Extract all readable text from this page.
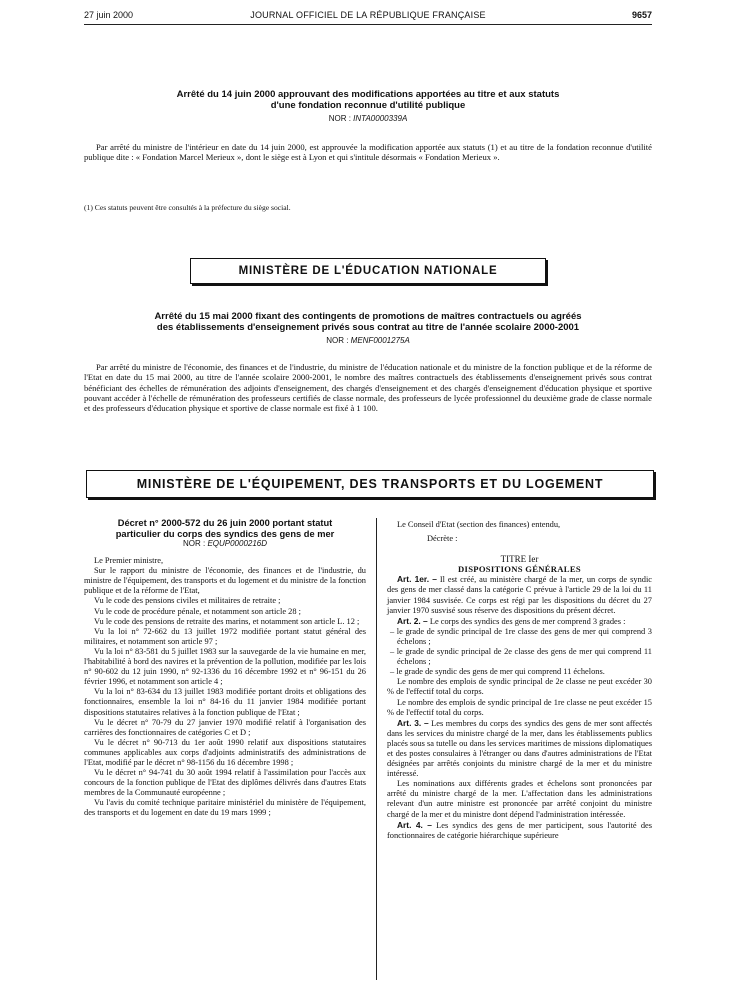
27 juin 2000	JOURNAL OFFICIEL DE LA RÉPUBLIQUE FRANÇAISE	9657
Arrêté du 14 juin 2000 approuvant des modifications apportées au titre et aux statuts
d'une fondation reconnue d'utilité publique
NOR : INTA0000339A

Par arrêté du ministre de l'intérieur en date du 14 juin 2000, est approuvée la modification apportée aux statuts (1) et au titre de la fondation reconnue d'utilité publique dite : « Fondation Marcel Merieux », dont le siège est à Lyon et qui s'intitule désormais « Fondation Merieux ».

(1) Ces statuts peuvent être consultés à la préfecture du siège social.

MINISTÈRE DE L'ÉDUCATION NATIONALE
Arrêté du 15 mai 2000 fixant des contingents de promotions de maîtres contractuels ou agréés
des établissements d'enseignement privés sous contrat au titre de l'année scolaire 2000-2001
NOR : MENF0001275A

Par arrêté du ministre de l'économie, des finances et de l'industrie, du ministre de l'éducation nationale et du ministre de la fonction publique et de la réforme de l'Etat en date du 15 mai 2000, au titre de l'année scolaire 2000-2001, le nombre des maîtres contractuels des établissements d'enseignement privés sous contrat bénéficiant des échelles de rémunération des adjoints d'enseignement, des chargés d'enseignement et des chargés d'enseignement d'éducation physique et sportive pouvant accéder à l'échelle de rémunération des professeurs certifiés de classe normale, des professeurs de lycée professionnel du deuxième grade de classe normale et des professeurs d'éducation physique et sportive de classe normale est fixé à 1 100.

MINISTÈRE DE L'ÉQUIPEMENT, DES TRANSPORTS ET DU LOGEMENT
Décret n° 2000-572 du 26 juin 2000 portant statut
particulier du corps des syndics des gens de mer
NOR : EQUP0000216D

Le Premier ministre,

Sur le rapport du ministre de l'économie, des finances et de l'industrie, du ministre de l'équipement, des transports et du logement et du ministre de la fonction publique et de la réforme de l'Etat,

Vu le code des pensions civiles et militaires de retraite ;

Vu le code de procédure pénale, et notamment son article 28 ;

Vu le code des pensions de retraite des marins, et notamment son article L. 12 ;

Vu la loi n° 72-662 du 13 juillet 1972 modifiée portant statut général des militaires, et notamment son article 97 ;

Vu la loi n° 83-581 du 5 juillet 1983 sur la sauvegarde de la vie humaine en mer, l'habitabilité à bord des navires et la prévention de la pollution, modifiée par les lois n° 90-602 du 12 juin 1990, n° 92-1336 du 16 décembre 1992 et n° 96-151 du 26 février 1996, et notamment son article 4 ;

Vu la loi n° 83-634 du 13 juillet 1983 modifiée portant droits et obligations des fonctionnaires, ensemble la loi n° 84-16 du 11 janvier 1984 modifiée portant dispositions statutaires relatives à la fonction publique de l'Etat ;

Vu le décret n° 70-79 du 27 janvier 1970 modifié relatif à l'organisation des carrières des fonctionnaires de catégories C et D ;

Vu le décret n° 90-713 du 1er août 1990 relatif aux dispositions statutaires communes applicables aux corps d'adjoints administratifs des administrations de l'Etat, modifié par le décret n° 98-1156 du 16 décembre 1998 ;

Vu le décret n° 94-741 du 30 août 1994 relatif à l'assimilation pour l'accès aux concours de la fonction publique de l'Etat des diplômes délivrés dans d'autres Etats membres de la Communauté européenne ;

Vu l'avis du comité technique paritaire ministériel du ministère de l'équipement, des transports et du logement en date du 19 mars 1999 ;

Le Conseil d'Etat (section des finances) entendu,

Décrète :

TITRE Ier

DISPOSITIONS GÉNÉRALES

Art. 1er. – Il est créé, au ministère chargé de la mer, un corps de syndic des gens de mer classé dans la catégorie C prévue à l'article 29 de la loi du 11 janvier 1984 susvisée. Ce corps est régi par les dispositions du décret du 27 janvier 1970 susvisé sous réserve des dispositions du présent décret.

Art. 2. – Le corps des syndics des gens de mer comprend 3 grades :

– le grade de syndic principal de 1re classe des gens de mer qui comprend 3 échelons ;

– le grade de syndic principal de 2e classe des gens de mer qui comprend 11 échelons ;

– le grade de syndic des gens de mer qui comprend 11 échelons.

Le nombre des emplois de syndic principal de 2e classe ne peut excéder 30 % de l'effectif total du corps.

Le nombre des emplois de syndic principal de 1re classe ne peut excéder 15 % de l'effectif total du corps.

Art. 3. – Les membres du corps des syndics des gens de mer sont affectés dans les services du ministre chargé de la mer, dans les établissements publics placés sous sa tutelle ou dans les services maritimes de missions diplomatiques et des postes consulaires à l'étranger ou dans d'autres administrations de l'Etat désignées par arrêtés conjoints du ministre chargé de la mer et du ministre intéressé.

Les nominations aux différents grades et échelons sont prononcées par arrêté du ministre chargé de la mer. L'affectation dans les administrations relevant d'un autre ministre est prononcée par arrêté conjoint du ministre chargé de la mer et du ministre dont dépend l'administration intéressée.

Art. 4. – Les syndics des gens de mer participent, sous l'autorité des fonctionnaires de catégorie hiérarchique supérieure
